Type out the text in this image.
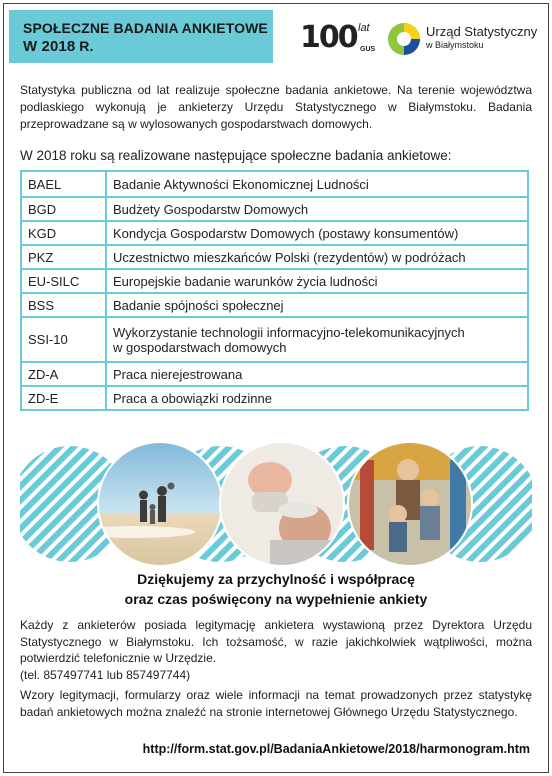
SPOŁECZNE BADANIA ANKIETOWE
W 2018 R.	100 lat
GUS
Urząd Statystyczny
w Białymstoku
Statystyka publiczna od lat realizuje społeczne badania ankietowe. Na terenie województwa podlaskiego wykonują je ankieterzy Urzędu Statystycznego w Białymstoku. Badania przeprowadzane są w wylosowanych gospodarstwach domowych.
W 2018 roku są realizowane następujące społeczne badania ankietowe:
BAEL	Badanie Aktywności Ekonomicznej Ludności
BGD	Budżety Gospodarstw Domowych
KGD	Kondycja Gospodarstw Domowych (postawy konsumentów)
PKZ	Uczestnictwo mieszkańców Polski (rezydentów) w podróżach
EU-SILC	Europejskie badanie warunków życia ludności
BSS	Badanie spójności społecznej
SSI-10	Wykorzystanie technologii informacyjno-telekomunikacyjnych
w gospodarstwach domowych
ZD-A	Praca nierejestrowana
ZD-E	Praca a obowiązki rodzinne
Dziękujemy za przychylność i współpracę
oraz czas poświęcony na wypełnienie ankiety

Każdy z ankieterów posiada legitymację ankietera wystawioną przez Dyrektora Urzędu Statystycznego w Białymstoku. Ich tożsamość, w razie jakichkolwiek wątpliwości, można potwierdzić telefonicznie w Urzędzie.
(tel. 857497741 lub 857497744)

Wzory legitymacji, formularzy oraz wiele informacji na temat prowadzonych przez statystykę badań ankietowych można znaleźć na stronie internetowej Głównego Urzędu Statystycznego.

http://form.stat.gov.pl/BadaniaAnkietowe/2018/harmonogram.htm
